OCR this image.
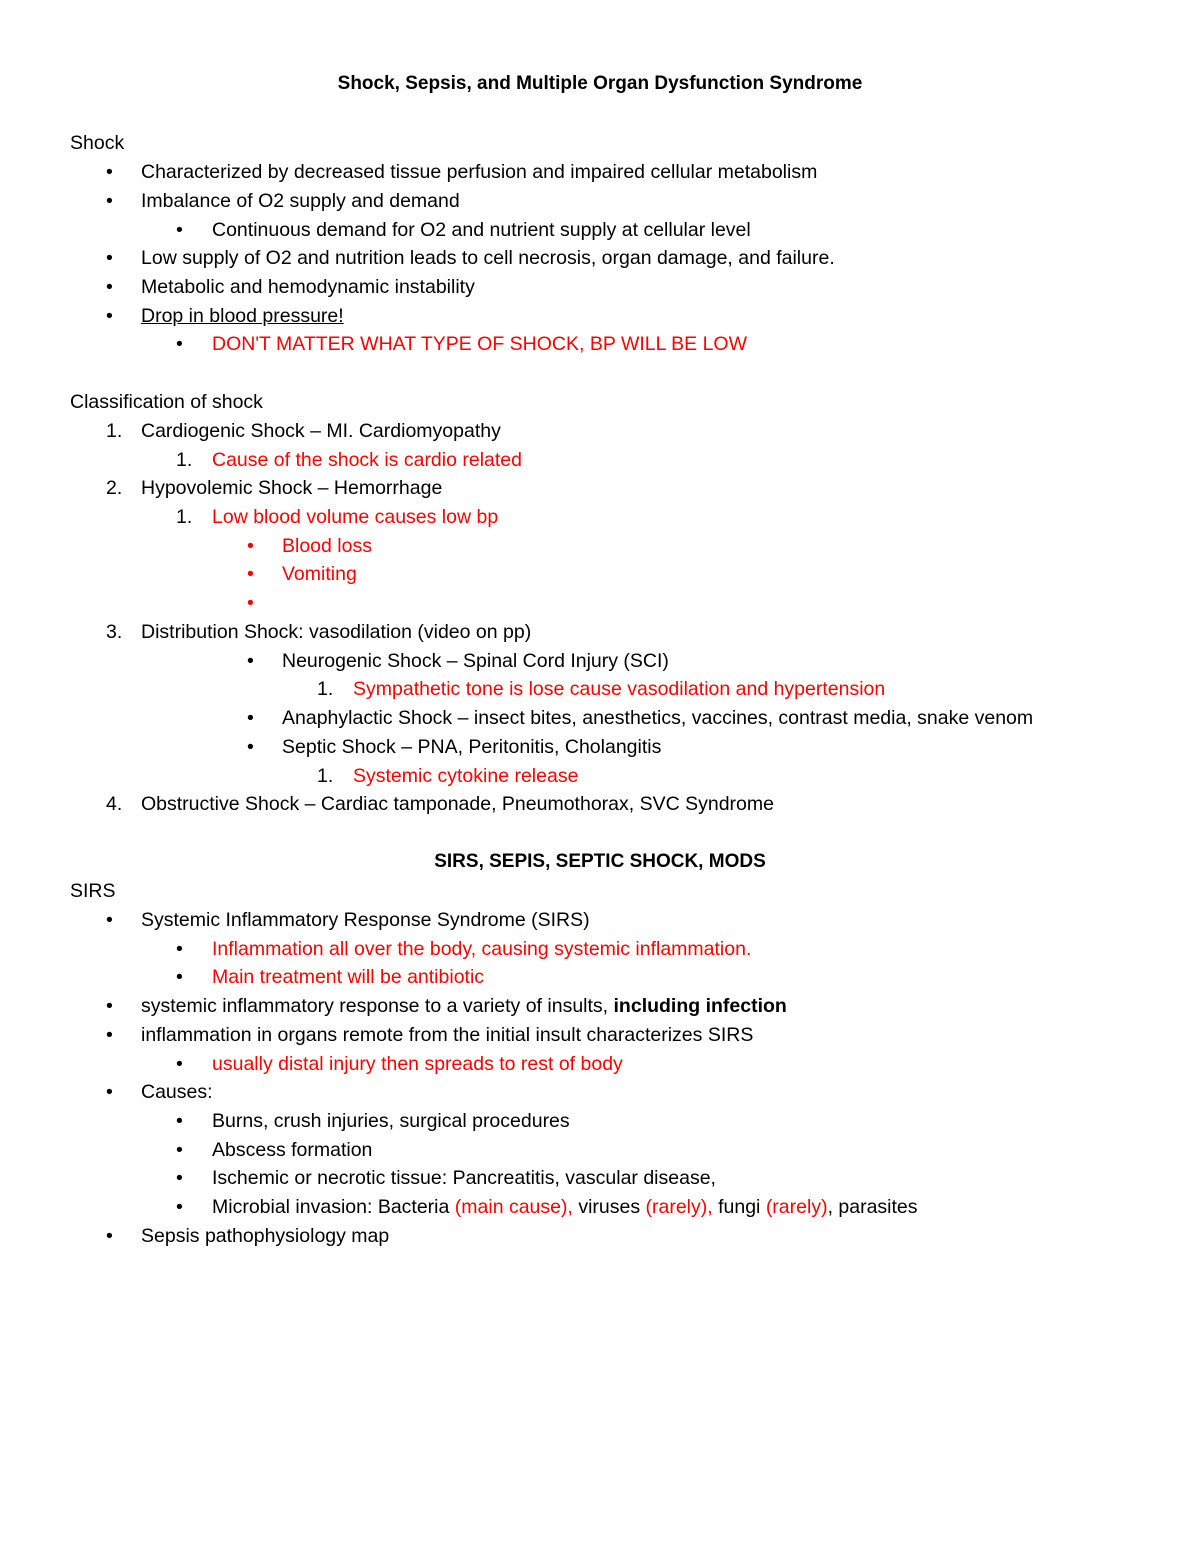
Shock, Sepsis, and Multiple Organ Dysfunction Syndrome
Shock
• Characterized by decreased tissue perfusion and impaired cellular metabolism
• Imbalance of O2 supply and demand
• Continuous demand for O2 and nutrient supply at cellular level
• Low supply of O2 and nutrition leads to cell necrosis, organ damage, and failure.
• Metabolic and hemodynamic instability
• Drop in blood pressure!
• DON'T MATTER WHAT TYPE OF SHOCK, BP WILL BE LOW
Classification of shock
1. Cardiogenic Shock – MI. Cardiomyopathy
1. Cause of the shock is cardio related
2. Hypovolemic Shock – Hemorrhage
1. Low blood volume causes low bp
• Blood loss
• Vomiting
•
3. Distribution Shock: vasodilation (video on pp)
• Neurogenic Shock – Spinal Cord Injury (SCI)
1. Sympathetic tone is lose cause vasodilation and hypertension
• Anaphylactic Shock – insect bites, anesthetics, vaccines, contrast media, snake venom
• Septic Shock – PNA, Peritonitis, Cholangitis
1. Systemic cytokine release
4. Obstructive Shock – Cardiac tamponade, Pneumothorax, SVC Syndrome
SIRS, SEPIS, SEPTIC SHOCK, MODS
SIRS
• Systemic Inflammatory Response Syndrome (SIRS)
• Inflammation all over the body, causing systemic inflammation.
• Main treatment will be antibiotic
• systemic inflammatory response to a variety of insults, including infection
• inflammation in organs remote from the initial insult characterizes SIRS
• usually distal injury then spreads to rest of body
• Causes:
• Burns, crush injuries, surgical procedures
• Abscess formation
• Ischemic or necrotic tissue: Pancreatitis, vascular disease,
• Microbial invasion: Bacteria (main cause), viruses (rarely), fungi (rarely), parasites
• Sepsis pathophysiology map
